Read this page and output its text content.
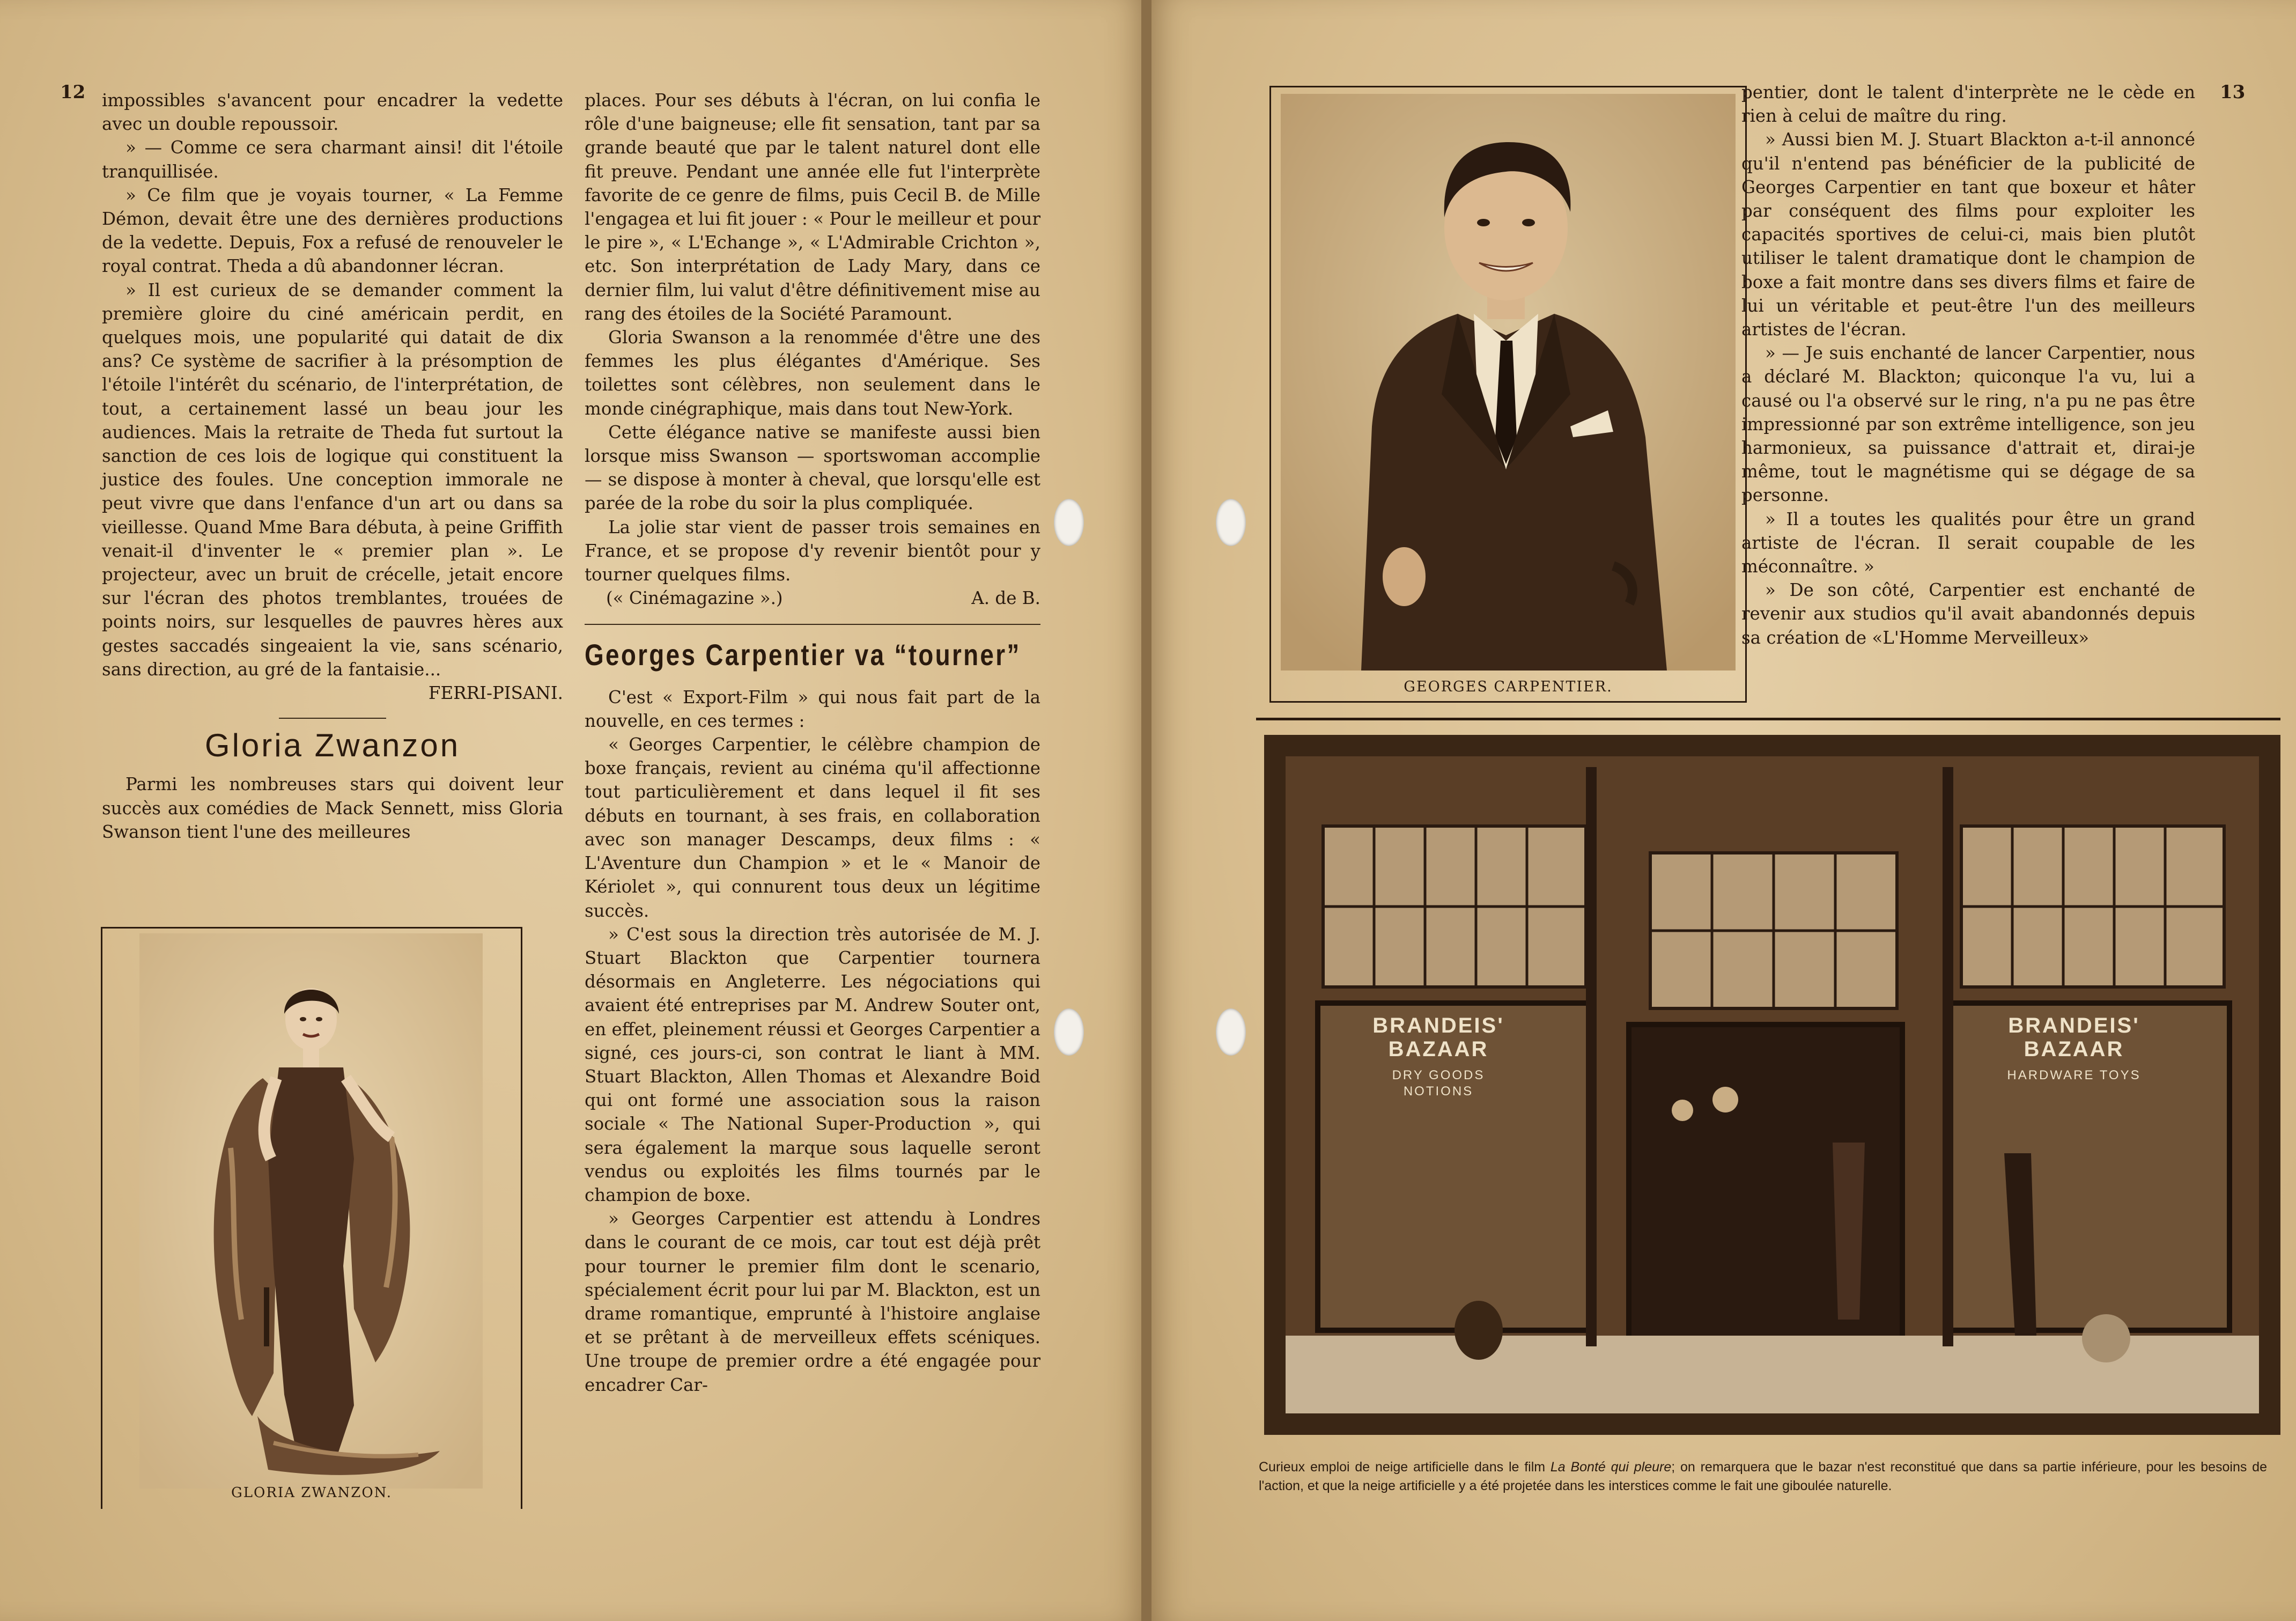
12 impossibles s'avancent pour encadrer la vedette avec un double repoussoir.

» — Comme ce sera charmant ainsi! dit l'étoile tranquillisée.

» Ce film que je voyais tourner, « La Femme Démon, devait être une des dernières productions de la vedette. Depuis, Fox a refusé de renouveler le royal contrat. Theda a dû abandonner lécran.

» Il est curieux de se demander comment la première gloire du ciné américain perdit, en quelques mois, une popularité qui datait de dix ans? Ce système de sacrifier à la présomption de l'étoile l'intérêt du scénario, de l'interprétation, de tout, a certainement lassé un beau jour les audiences. Mais la retraite de Theda fut surtout la sanction de ces lois de logique qui constituent la justice des foules. Une conception immorale ne peut vivre que dans l'enfance d'un art ou dans sa vieillesse. Quand Mme Bara débuta, à peine Griffith venait-il d'inventer le « premier plan ». Le projecteur, avec un bruit de crécelle, jetait encore sur l'écran des photos tremblantes, trouées de points noirs, sur lesquelles de pauvres hères aux gestes saccadés singeaient la vie, sans scénario, sans direction, au gré de la fantaisie...

FERRI-PISANI.

Gloria Zwanzon

Parmi les nombreuses stars qui doivent leur succès aux comédies de Mack Sennett, miss Gloria Swanson tient l'une des meilleures

GLORIA ZWANZON.

places. Pour ses débuts à l'écran, on lui confia le rôle d'une baigneuse; elle fit sensation, tant par sa grande beauté que par le talent naturel dont elle fit preuve. Pendant une année elle fut l'interprète favorite de ce genre de films, puis Cecil B. de Mille l'engagea et lui fit jouer : « Pour le meilleur et pour le pire », « L'Echange », « L'Admirable Crichton », etc. Son interprétation de Lady Mary, dans ce dernier film, lui valut d'être définitivement mise au rang des étoiles de la Société Paramount.

Gloria Swanson a la renommée d'être une des femmes les plus élégantes d'Amérique. Ses toilettes sont célèbres, non seulement dans le monde cinégraphique, mais dans tout New-York.

Cette élégance native se manifeste aussi bien lorsque miss Swanson — sportswoman accomplie — se dispose à monter à cheval, que lorsqu'elle est parée de la robe du soir la plus compliquée.

La jolie star vient de passer trois semaines en France, et se propose d'y revenir bientôt pour y tourner quelques films.

(« Cinémagazine ».)	A. de B.
Georges Carpentier va “tourner”

C'est « Export-Film » qui nous fait part de la nouvelle, en ces termes :

« Georges Carpentier, le célèbre champion de boxe français, revient au cinéma qu'il affectionne tout particulièrement et dans lequel il fit ses débuts en tournant, à ses frais, en collaboration avec son manager Descamps, deux films : « L'Aventure dun Champion » et le « Manoir de Kériolet », qui connurent tous deux un légitime succès.

» C'est sous la direction très autorisée de M. J. Stuart Blackton que Carpentier tournera désormais en Angleterre. Les négociations qui avaient été entreprises par M. Andrew Souter ont, en effet, pleinement réussi et Georges Carpentier a signé, ces jours-ci, son contrat le liant à MM. Stuart Blackton, Allen Thomas et Alexandre Boid qui ont formé une association sous la raison sociale « The National Super-Production », qui sera également la marque sous laquelle seront vendus ou exploités les films tournés par le champion de boxe.

» Georges Carpentier est attendu à Londres dans le courant de ce mois, car tout est déjà prêt pour tourner le premier film dont le scenario, spécialement écrit pour lui par M. Blackton, est un drame romantique, emprunté à l'histoire anglaise et se prêtant à de merveilleux effets scéniques. Une troupe de premier ordre a été engagée pour encadrer Car-

13
GEORGES CARPENTIER.

pentier, dont le talent d'interprète ne le cède en rien à celui de maître du ring.

» Aussi bien M. J. Stuart Blackton a-t-il annoncé qu'il n'entend pas bénéficier de la publicité de Georges Carpentier en tant que boxeur et hâter par conséquent des films pour exploiter les capacités sportives de celui-ci, mais bien plutôt utiliser le talent dramatique dont le champion de boxe a fait montre dans ses divers films et faire de lui un véritable et peut-être l'un des meilleurs artistes de l'écran.

» — Je suis enchanté de lancer Carpentier, nous a déclaré M. Blackton; quiconque l'a vu, lui a causé ou l'a observé sur le ring, n'a pu ne pas être impressionné par son extrême intelligence, son jeu harmonieux, sa puissance d'attrait et, dirai-je même, tout le magnétisme qui se dégage de sa personne.

» Il a toutes les qualités pour être un grand artiste de l'écran. Il serait coupable de les méconnaître. »

» De son côté, Carpentier est enchanté de revenir aux studios qu'il avait abandonnés depuis sa création de «L'Homme Merveilleux»

BRANDEIS' BAZAAR
DRY GOODS NOTIONS
BRANDEIS' BAZAAR
HARDWARE TOYS
Curieux emploi de neige artificielle dans le film La Bonté qui pleure; on remarquera que le bazar n'est reconstitué que dans sa partie inférieure, pour les besoins de l'action, et que la neige artificielle y a été projetée dans les interstices comme le fait une giboulée naturelle.
